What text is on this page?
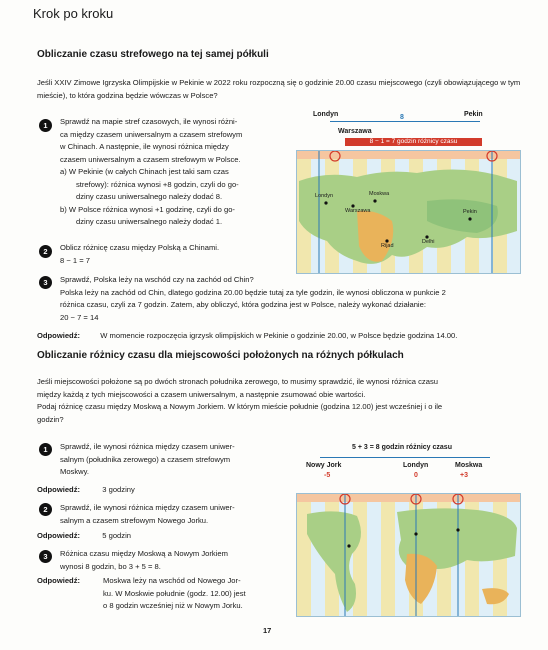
Krok po kroku
Obliczanie czasu strefowego na tej samej półkuli
Jeśli XXIV Zimowe Igrzyska Olimpijskie w Pekinie w 2022 roku rozpoczną się o godzinie 20.00 czasu miejscowego (czyli obowiązującego w tym mieście), to która godzina będzie wówczas w Polsce?
1	Sprawdź na mapie stref czasowych, ile wynosi różni-
ca między czasem uniwersalnym a czasem strefowym
w Chinach. A następnie, ile wynosi różnica między
czasem uniwersalnym a czasem strefowym w Polsce.
a) W Pekinie (w całych Chinach jest taki sam czas
strefowy): różnica wynosi +8 godzin, czyli do go-
dziny czasu uniwersalnego należy dodać 8.
b) W Polsce różnica wynosi +1 godzinę, czyli do go-
dziny czasu uniwersalnego należy dodać 1.
2	Oblicz różnicę czasu między Polską a Chinami.
8 − 1 = 7
3	Sprawdź, Polska leży na wschód czy na zachód od Chin?
Polska leży na zachód od Chin, dlatego godzina 20.00 będzie tutaj za tyle godzin, ile wynosi obliczona w punkcie 2
różnica czasu, czyli za 7 godzin. Zatem, aby obliczyć, która godzina jest w Polsce, należy wykonać działanie:
20 − 7 = 14
Odpowiedź:	W momencie rozpoczęcia igrzysk olimpijskich w Pekinie o godzinie 20.00, w Polsce będzie godzina 14.00.
Londyn	Pekin
8
Warszawa
8 − 1 = 7 godzin różnicy czasu
Londyn
Warszawa
Moskwa
Pekin
Rijad
Delhi
Obliczanie różnicy czasu dla miejscowości położonych na różnych półkulach
Jeśli miejscowości położone są po dwóch stronach południka zerowego, to musimy sprawdzić, ile wynosi różnica czasu
między każdą z tych miejscowości a czasem uniwersalnym, a następnie zsumować obie wartości.
Podaj różnicę czasu między Moskwą a Nowym Jorkiem. W którym mieście południe (godzina 12.00) jest wcześniej i o ile
godzin?
1	Sprawdź, ile wynosi różnica między czasem uniwer-
salnym (południka zerowego) a czasem strefowym
Moskwy.
Odpowiedź:	3 godziny
2	Sprawdź, ile wynosi różnica między czasem uniwer-
salnym a czasem strefowym Nowego Jorku.
Odpowiedź:	5 godzin
3	Różnica czasu między Moskwą a Nowym Jorkiem
wynosi 8 godzin, bo 3 + 5 = 8.
Odpowiedź:	Moskwa leży na wschód od Nowego Jor-
ku. W Moskwie południe (godz. 12.00) jest
o 8 godzin wcześniej niż w Nowym Jorku.
5 + 3 = 8 godzin różnicy czasu
Nowy Jork	Londyn	Moskwa
-5	0	+3
17
